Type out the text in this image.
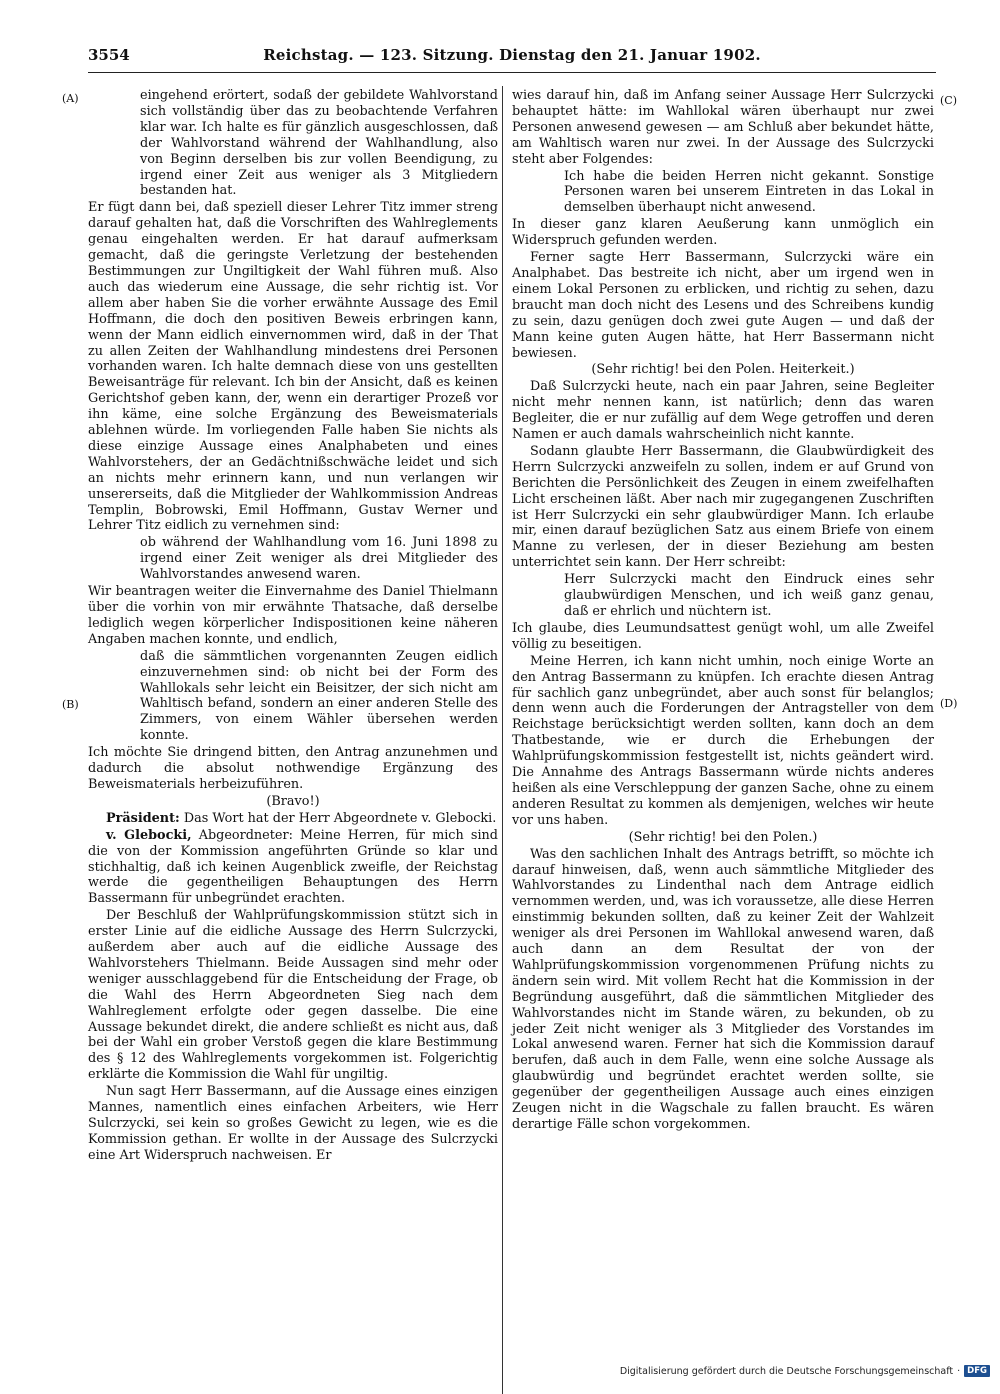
3554	Reichstag. — 123. Sitzung. Dienstag den 21. Januar 1902.
(A)
(B)
(C)
(D)

eingehend erörtert, sodaß der gebildete Wahlvorstand sich vollständig über das zu beobachtende Verfahren klar war. Ich halte es für gänzlich ausgeschlossen, daß der Wahlvorstand während der Wahlhandlung, also von Beginn derselben bis zur vollen Beendigung, zu irgend einer Zeit aus weniger als 3 Mitgliedern bestanden hat.

Er fügt dann bei, daß speziell dieser Lehrer Titz immer streng darauf gehalten hat, daß die Vorschriften des Wahlreglements genau eingehalten werden. Er hat darauf aufmerksam gemacht, daß die geringste Verletzung der bestehenden Bestimmungen zur Ungiltigkeit der Wahl führen muß. Also auch das wiederum eine Aussage, die sehr richtig ist. Vor allem aber haben Sie die vorher erwähnte Aussage des Emil Hoffmann, die doch den positiven Beweis erbringen kann, wenn der Mann eidlich einvernommen wird, daß in der That zu allen Zeiten der Wahlhandlung mindestens drei Personen vorhanden waren. Ich halte demnach diese von uns gestellten Beweisanträge für relevant. Ich bin der Ansicht, daß es keinen Gerichtshof geben kann, der, wenn ein derartiger Prozeß vor ihn käme, eine solche Ergänzung des Beweismaterials ablehnen würde. Im vorliegenden Falle haben Sie nichts als diese einzige Aussage eines Analphabeten und eines Wahlvorstehers, der an Gedächtnißschwäche leidet und sich an nichts mehr erinnern kann, und nun verlangen wir unsererseits, daß die Mitglieder der Wahlkommission Andreas Templin, Bobrowski, Emil Hoffmann, Gustav Werner und Lehrer Titz eidlich zu vernehmen sind:

ob während der Wahlhandlung vom 16. Juni 1898 zu irgend einer Zeit weniger als drei Mitglieder des Wahlvorstandes anwesend waren.

Wir beantragen weiter die Einvernahme des Daniel Thielmann über die vorhin von mir erwähnte Thatsache, daß derselbe lediglich wegen körperlicher Indispositionen keine näheren Angaben machen konnte, und endlich,

daß die sämmtlichen vorgenannten Zeugen eidlich einzuvernehmen sind: ob nicht bei der Form des Wahllokals sehr leicht ein Beisitzer, der sich nicht am Wahltisch befand, sondern an einer anderen Stelle des Zimmers, von einem Wähler übersehen werden konnte.

Ich möchte Sie dringend bitten, den Antrag anzunehmen und dadurch die absolut nothwendige Ergänzung des Beweismaterials herbeizuführen.

(Bravo!)

Präsident: Das Wort hat der Herr Abgeordnete v. Glebocki.

v. Glebocki, Abgeordneter: Meine Herren, für mich sind die von der Kommission angeführten Gründe so klar und stichhaltig, daß ich keinen Augenblick zweifle, der Reichstag werde die gegentheiligen Behauptungen des Herrn Bassermann für unbegründet erachten.

Der Beschluß der Wahlprüfungskommission stützt sich in erster Linie auf die eidliche Aussage des Herrn Sulcrzycki, außerdem aber auch auf die eidliche Aussage des Wahlvorstehers Thielmann. Beide Aussagen sind mehr oder weniger ausschlaggebend für die Entscheidung der Frage, ob die Wahl des Herrn Abgeordneten Sieg nach dem Wahlreglement erfolgte oder gegen dasselbe. Die eine Aussage bekundet direkt, die andere schließt es nicht aus, daß bei der Wahl ein grober Verstoß gegen die klare Bestimmung des § 12 des Wahlreglements vorgekommen ist. Folgerichtig erklärte die Kommission die Wahl für ungiltig.

Nun sagt Herr Bassermann, auf die Aussage eines einzigen Mannes, namentlich eines einfachen Arbeiters, wie Herr Sulcrzycki, sei kein so großes Gewicht zu legen, wie es die Kommission gethan. Er wollte in der Aussage des Sulcrzycki eine Art Widerspruch nachweisen. Er

wies darauf hin, daß im Anfang seiner Aussage Herr Sulcrzycki behauptet hätte: im Wahllokal wären überhaupt nur zwei Personen anwesend gewesen — am Schluß aber bekundet hätte, am Wahltisch waren nur zwei. In der Aussage des Sulcrzycki steht aber Folgendes:

Ich habe die beiden Herren nicht gekannt. Sonstige Personen waren bei unserem Eintreten in das Lokal in demselben überhaupt nicht anwesend.

In dieser ganz klaren Aeußerung kann unmöglich ein Widerspruch gefunden werden.

Ferner sagte Herr Bassermann, Sulcrzycki wäre ein Analphabet. Das bestreite ich nicht, aber um irgend wen in einem Lokal Personen zu erblicken, und richtig zu sehen, dazu braucht man doch nicht des Lesens und des Schreibens kundig zu sein, dazu genügen doch zwei gute Augen — und daß der Mann keine guten Augen hätte, hat Herr Bassermann nicht bewiesen.

(Sehr richtig! bei den Polen. Heiterkeit.)

Daß Sulcrzycki heute, nach ein paar Jahren, seine Begleiter nicht mehr nennen kann, ist natürlich; denn das waren Begleiter, die er nur zufällig auf dem Wege getroffen und deren Namen er auch damals wahrscheinlich nicht kannte.

Sodann glaubte Herr Bassermann, die Glaubwürdigkeit des Herrn Sulcrzycki anzweifeln zu sollen, indem er auf Grund von Berichten die Persönlichkeit des Zeugen in einem zweifelhaften Licht erscheinen läßt. Aber nach mir zugegangenen Zuschriften ist Herr Sulcrzycki ein sehr glaubwürdiger Mann. Ich erlaube mir, einen darauf bezüglichen Satz aus einem Briefe von einem Manne zu verlesen, der in dieser Beziehung am besten unterrichtet sein kann. Der Herr schreibt:

Herr Sulcrzycki macht den Eindruck eines sehr glaubwürdigen Menschen, und ich weiß ganz genau, daß er ehrlich und nüchtern ist.

Ich glaube, dies Leumundsattest genügt wohl, um alle Zweifel völlig zu beseitigen.

Meine Herren, ich kann nicht umhin, noch einige Worte an den Antrag Bassermann zu knüpfen. Ich erachte diesen Antrag für sachlich ganz unbegründet, aber auch sonst für belanglos; denn wenn auch die Forderungen der Antragsteller von dem Reichstage berücksichtigt werden sollten, kann doch an dem Thatbestande, wie er durch die Erhebungen der Wahlprüfungskommission festgestellt ist, nichts geändert wird. Die Annahme des Antrags Bassermann würde nichts anderes heißen als eine Verschleppung der ganzen Sache, ohne zu einem anderen Resultat zu kommen als demjenigen, welches wir heute vor uns haben.

(Sehr richtig! bei den Polen.)

Was den sachlichen Inhalt des Antrags betrifft, so möchte ich darauf hinweisen, daß, wenn auch sämmtliche Mitglieder des Wahlvorstandes zu Lindenthal nach dem Antrage eidlich vernommen werden, und, was ich voraussetze, alle diese Herren einstimmig bekunden sollten, daß zu keiner Zeit der Wahlzeit weniger als drei Personen im Wahllokal anwesend waren, daß auch dann an dem Resultat der von der Wahlprüfungskommission vorgenommenen Prüfung nichts zu ändern sein wird. Mit vollem Recht hat die Kommission in der Begründung ausgeführt, daß die sämmtlichen Mitglieder des Wahlvorstandes nicht im Stande wären, zu bekunden, ob zu jeder Zeit nicht weniger als 3 Mitglieder des Vorstandes im Lokal anwesend waren. Ferner hat sich die Kommission darauf berufen, daß auch in dem Falle, wenn eine solche Aussage als glaubwürdig und begründet erachtet werden sollte, sie gegenüber der gegentheiligen Aussage auch eines einzigen Zeugen nicht in die Wagschale zu fallen braucht. Es wären derartige Fälle schon vorgekommen.

Digitalisierung gefördert durch die Deutsche Forschungsgemeinschaft · DFG
